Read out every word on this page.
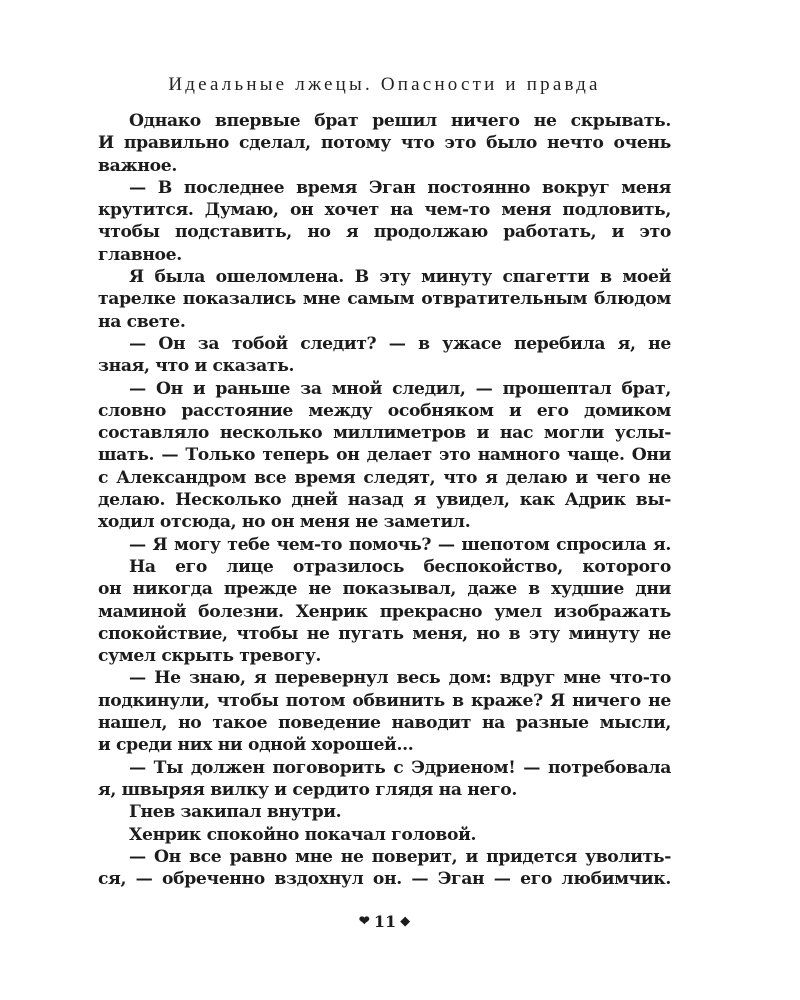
Идеальные лжецы. Опасности и правда
Однако впервые брат решил ничего не скрывать.
И правильно сделал, потому что это было нечто очень
важное.
— В последнее время Эган постоянно вокруг меня
крутится. Думаю, он хочет на чем-то меня подловить,
чтобы подставить, но я продолжаю работать, и это
главное.
Я была ошеломлена. В эту минуту спагетти в моей
тарелке показались мне самым отвратительным блюдом
на свете.
— Он за тобой следит? — в ужасе перебила я, не
зная, что и сказать.
— Он и раньше за мной следил, — прошептал брат,
словно расстояние между особняком и его домиком
составляло несколько миллиметров и нас могли услы-
шать. — Только теперь он делает это намного чаще. Они
с Александром все время следят, что я делаю и чего не
делаю. Несколько дней назад я увидел, как Адрик вы-
ходил отсюда, но он меня не заметил.
— Я могу тебе чем-то помочь? — шепотом спросила я.
На его лице отразилось беспокойство, которого
он никогда прежде не показывал, даже в худшие дни
маминой болезни. Хенрик прекрасно умел изображать
спокойствие, чтобы не пугать меня, но в эту минуту не
сумел скрыть тревогу.
— Не знаю, я перевернул весь дом: вдруг мне что-то
подкинули, чтобы потом обвинить в краже? Я ничего не
нашел, но такое поведение наводит на разные мысли,
и среди них ни одной хорошей...
— Ты должен поговорить с Эдриеном! — потребовала
я, швыряя вилку и сердито глядя на него.
Гнев закипал внутри.
Хенрик спокойно покачал головой.
— Он все равно мне не поверит, и придется уволить-
ся, — обреченно вздохнул он. — Эган — его любимчик.
❤ 11 ◆
